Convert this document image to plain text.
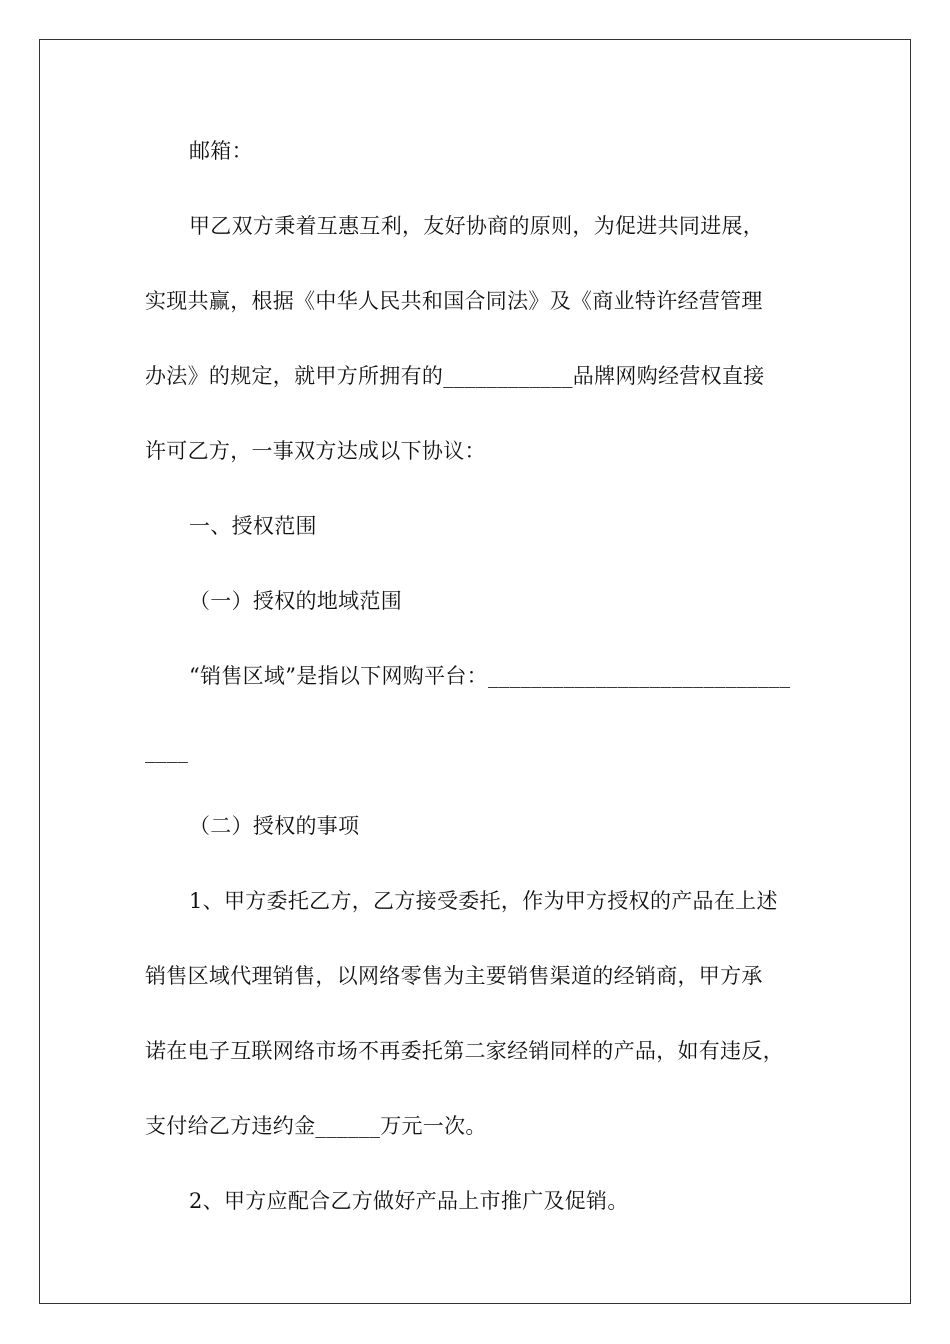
邮箱：
甲乙双方秉着互惠互利，友好协商的原则，为促进共同进展，
实现共赢，根据《中华人民共和国合同法》及《商业特许经营管理
办法》的规定，就甲方所拥有的____________品牌网购经营权直接
许可乙方，一事双方达成以下协议：
一、授权范围
（一）授权的地域范围
“销售区域”是指以下网购平台：____________________________
____
（二）授权的事项
1、甲方委托乙方，乙方接受委托，作为甲方授权的产品在上述
销售区域代理销售，以网络零售为主要销售渠道的经销商，甲方承
诺在电子互联网络市场不再委托第二家经销同样的产品，如有违反，
支付给乙方违约金______万元一次。
2、甲方应配合乙方做好产品上市推广及促销。
